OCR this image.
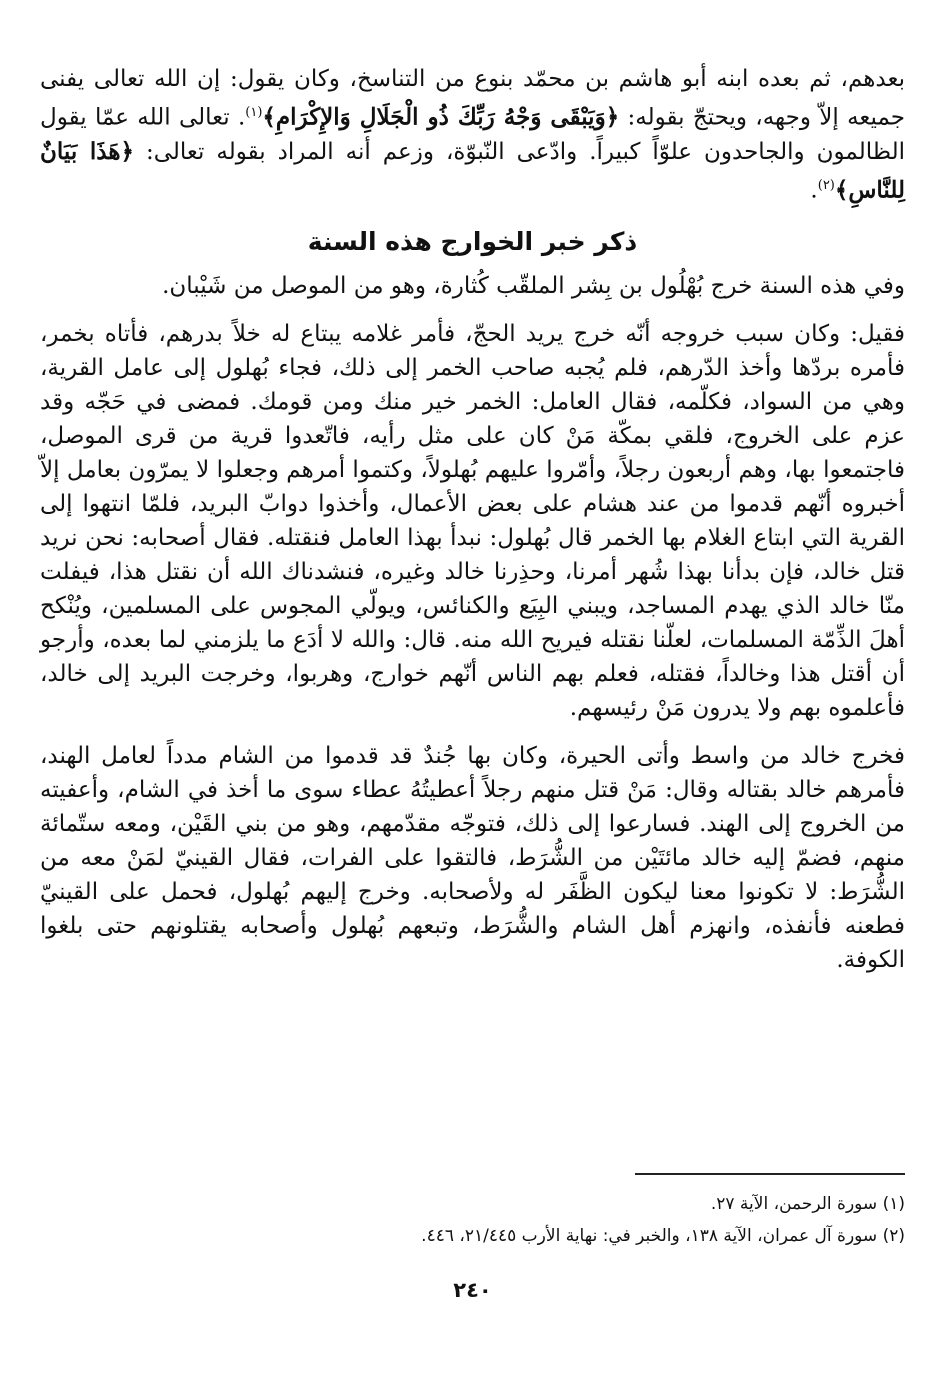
بعدهم، ثم بعده ابنه أبو هاشم بن محمّد بنوع من التناسخ، وكان يقول: إن الله تعالى يفنى جميعه إلاّ وجهه، ويحتجّ بقوله: ﴿وَيَبْقَى وَجْهُ رَبِّكَ ذُو الْجَلَالِ وَالإِكْرَامِ﴾$^{(١)}$. تعالى الله عمّا يقول الظالمون والجاحدون علوّاً كبيراً. وادّعى النّبوّة، وزعم أنه المراد بقوله تعالى: ﴿هَذَا بَيَانٌ لِلنَّاسِ﴾$^{(٢)}$.

ذكر خبر الخوارج هذه السنة

وفي هذه السنة خرج بُهْلُول بن بِشر الملقّب كُثارة، وهو من الموصل من شَيْبان.

فقيل: وكان سبب خروجه أنّه خرج يريد الحجّ، فأمر غلامه يبتاع له خلاً بدرهم، فأتاه بخمر، فأمره بردّها وأخذ الدّرهم، فلم يُجبه صاحب الخمر إلى ذلك، فجاء بُهلول إلى عامل القرية، وهي من السواد، فكلّمه، فقال العامل: الخمر خير منك ومن قومك. فمضى في حَجّه وقد عزم على الخروج، فلقي بمكّة مَنْ كان على مثل رأيه، فاتّعدوا قرية من قرى الموصل، فاجتمعوا بها، وهم أربعون رجلاً، وأمّروا عليهم بُهلولاً، وكتموا أمرهم وجعلوا لا يمرّون بعامل إلاّ أخبروه أنّهم قدموا من عند هشام على بعض الأعمال، وأخذوا دوابّ البريد، فلمّا انتهوا إلى القرية التي ابتاع الغلام بها الخمر قال بُهلول: نبدأ بهذا العامل فنقتله. فقال أصحابه: نحن نريد قتل خالد، فإن بدأنا بهذا شُهر أمرنا، وحذِرنا خالد وغيره، فنشدناك الله أن نقتل هذا، فيفلت منّا خالد الذي يهدم المساجد، ويبني البِيَع والكنائس، ويولّي المجوس على المسلمين، ويُنْكح أهلَ الذِّمّة المسلمات، لعلّنا نقتله فيريح الله منه. قال: والله لا أدَع ما يلزمني لما بعده، وأرجو أن أقتل هذا وخالداً، فقتله، فعلم بهم الناس أنّهم خوارج، وهربوا، وخرجت البريد إلى خالد، فأعلموه بهم ولا يدرون مَنْ رئيسهم.

فخرج خالد من واسط وأتى الحيرة، وكان بها جُندٌ قد قدموا من الشام مدداً لعامل الهند، فأمرهم خالد بقتاله وقال: مَنْ قتل منهم رجلاً أعطيتُهُ عطاء سوى ما أخذ في الشام، وأعفيته من الخروج إلى الهند. فسارعوا إلى ذلك، فتوجّه مقدّمهم، وهو من بني القَيْن، ومعه ستّمائة منهم، فضمّ إليه خالد مائتَيْن من الشُّرَط، فالتقوا على الفرات، فقال القينيّ لمَنْ معه من الشُّرَط: لا تكونوا معنا ليكون الظَّفَر له ولأصحابه. وخرج إليهم بُهلول، فحمل على القينيّ فطعنه فأنفذه، وانهزم أهل الشام والشُّرَط، وتبعهم بُهلول وأصحابه يقتلونهم حتى بلغوا الكوفة.

(١) سورة الرحمن، الآية ٢٧.

(٢) سورة آل عمران، الآية ١٣٨، والخبر في: نهاية الأرب ٢١/٤٤٥، ٤٤٦.

٢٤٠
